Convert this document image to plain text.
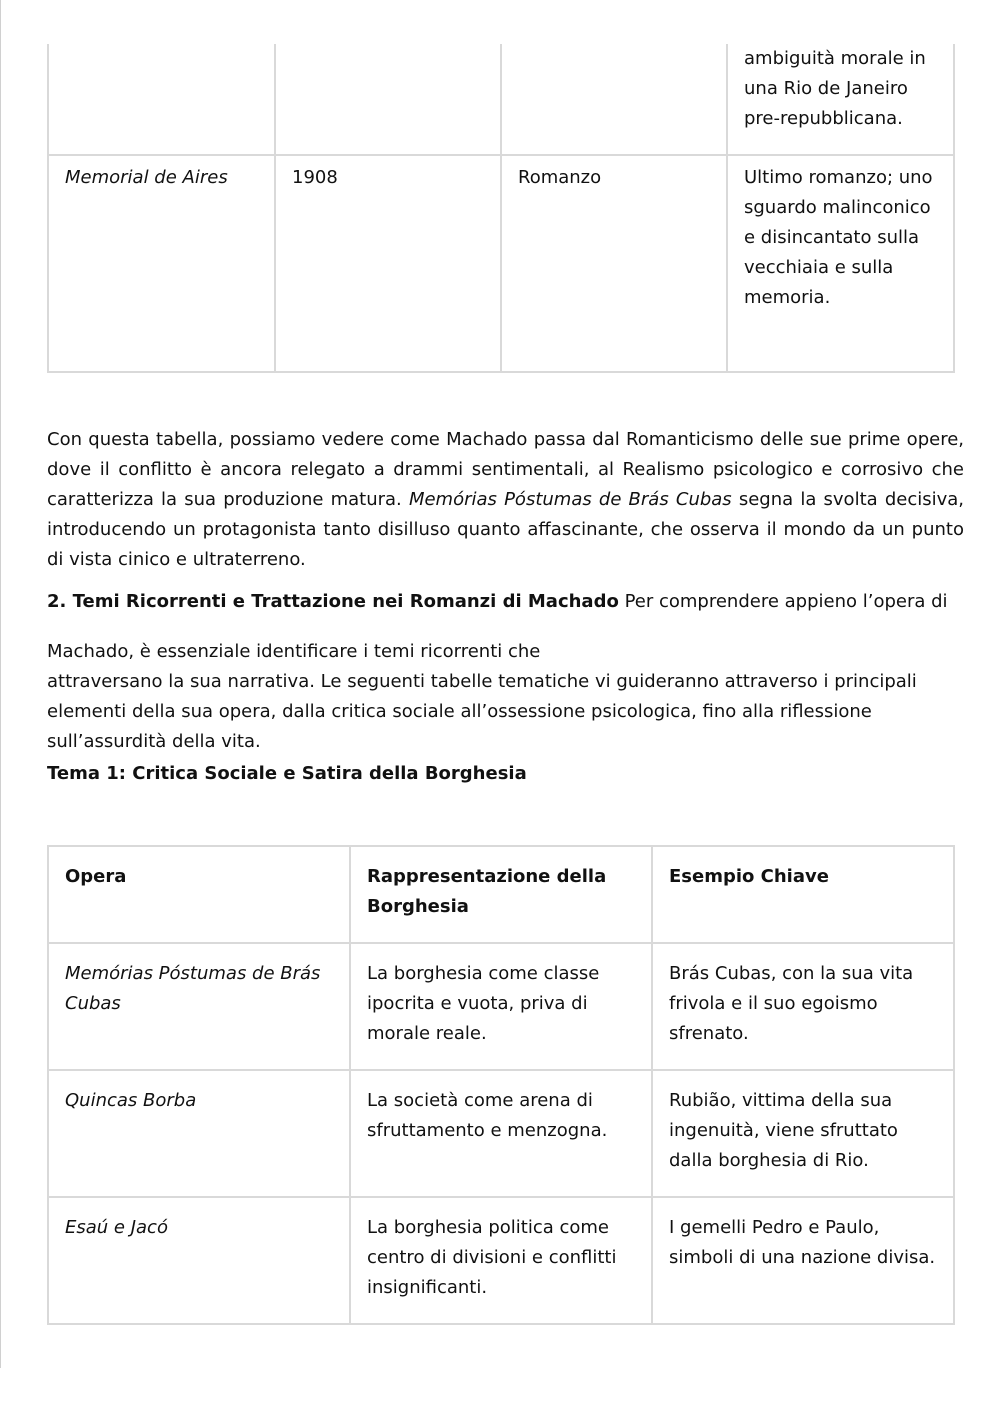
			ambiguità morale in una Rio de Janeiro pre-repubblicana.
Memorial de Aires	1908	Romanzo	Ultimo romanzo; uno sguardo malinconico e disincantato sulla vecchiaia e sulla memoria.

Con questa tabella, possiamo vedere come Machado passa dal Romanticismo delle sue prime opere, dove il conflitto è ancora relegato a drammi sentimentali, al Realismo psicologico e corrosivo che caratterizza la sua produzione matura. Memórias Póstumas de Brás Cubas segna la svolta decisiva, introducendo un protagonista tanto disilluso quanto affascinante, che osserva il mondo da un punto di vista cinico e ultraterreno.

2. Temi Ricorrenti e Trattazione nei Romanzi di Machado Per comprendere appieno l’opera di

Machado, è essenziale identificare i temi ricorrenti che
attraversano la sua narrativa. Le seguenti tabelle tematiche vi guideranno attraverso i principali elementi della sua opera, dalla critica sociale all’ossessione psicologica, fino alla riflessione sull’assurdità della vita.

Tema 1: Critica Sociale e Satira della Borghesia

Opera	Rappresentazione della Borghesia	Esempio Chiave
Memórias Póstumas de Brás Cubas	La borghesia come classe ipocrita e vuota, priva di morale reale.	Brás Cubas, con la sua vita frivola e il suo egoismo sfrenato.
Quincas Borba	La società come arena di sfruttamento e menzogna.	Rubião, vittima della sua ingenuità, viene sfruttato dalla borghesia di Rio.
Esaú e Jacó	La borghesia politica come centro di divisioni e conflitti insignificanti.	I gemelli Pedro e Paulo, simboli di una nazione divisa.
